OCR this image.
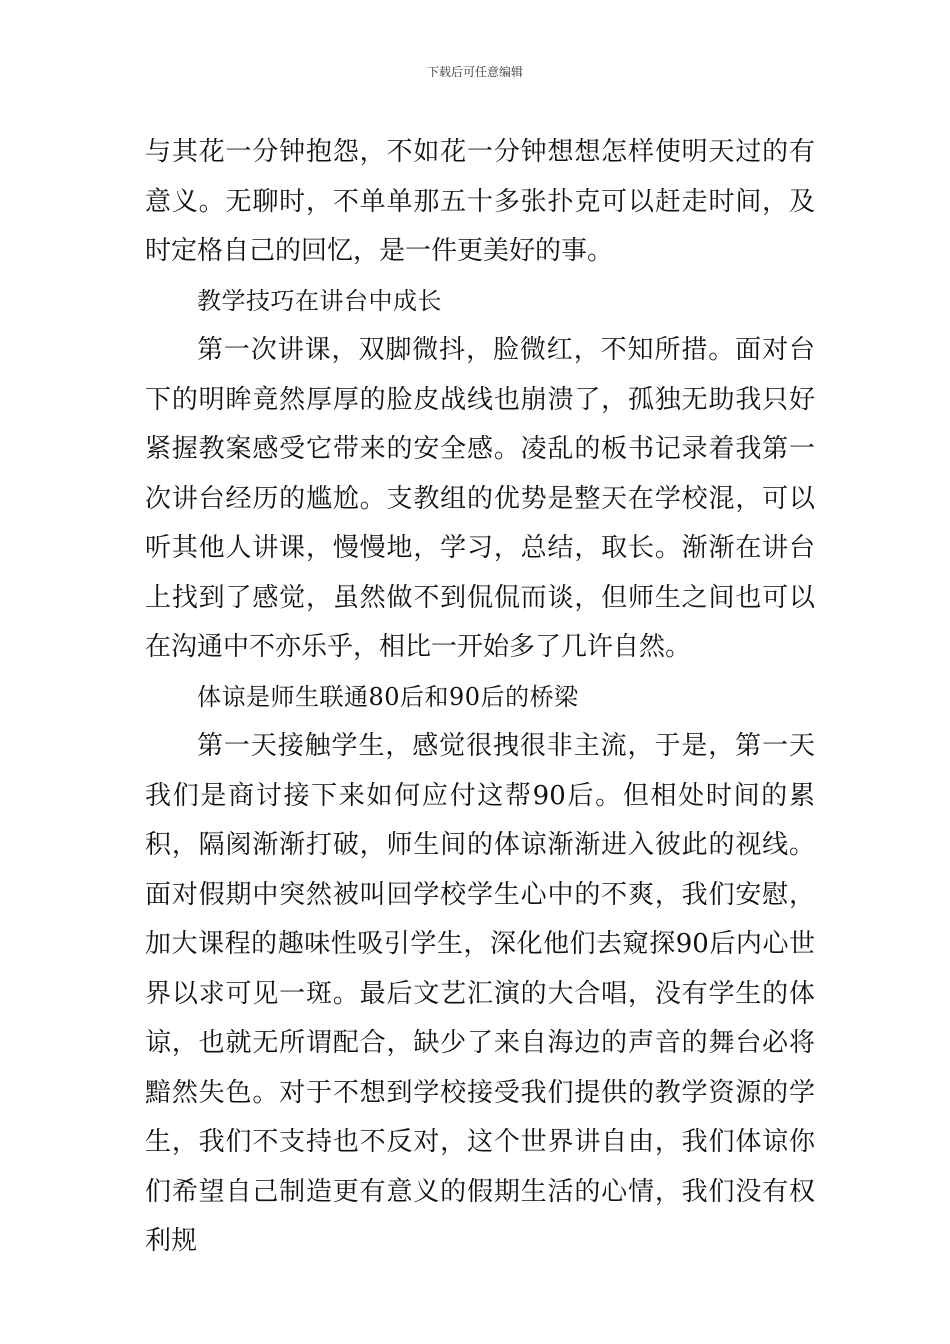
下载后可任意编辑

与其花一分钟抱怨，不如花一分钟想想怎样使明天过的有意义。无聊时，不单单那五十多张扑克可以赶走时间，及时定格自己的回忆，是一件更美好的事。

教学技巧在讲台中成长

第一次讲课，双脚微抖，脸微红，不知所措。面对台下的明眸竟然厚厚的脸皮战线也崩溃了，孤独无助我只好紧握教案感受它带来的安全感。凌乱的板书记录着我第一次讲台经历的尴尬。支教组的优势是整天在学校混，可以听其他人讲课，慢慢地，学习，总结，取长。渐渐在讲台上找到了感觉，虽然做不到侃侃而谈，但师生之间也可以在沟通中不亦乐乎，相比一开始多了几许自然。

体谅是师生联通80后和90后的桥梁

第一天接触学生，感觉很拽很非主流，于是，第一天我们是商讨接下来如何应付这帮90后。但相处时间的累积，隔阂渐渐打破，师生间的体谅渐渐进入彼此的视线。面对假期中突然被叫回学校学生心中的不爽，我们安慰，加大课程的趣味性吸引学生，深化他们去窥探90后内心世界以求可见一斑。最后文艺汇演的大合唱，没有学生的体谅，也就无所谓配合，缺少了来自海边的声音的舞台必将黯然失色。对于不想到学校接受我们提供的教学资源的学生，我们不支持也不反对，这个世界讲自由，我们体谅你们希望自己制造更有意义的假期生活的心情，我们没有权利规
